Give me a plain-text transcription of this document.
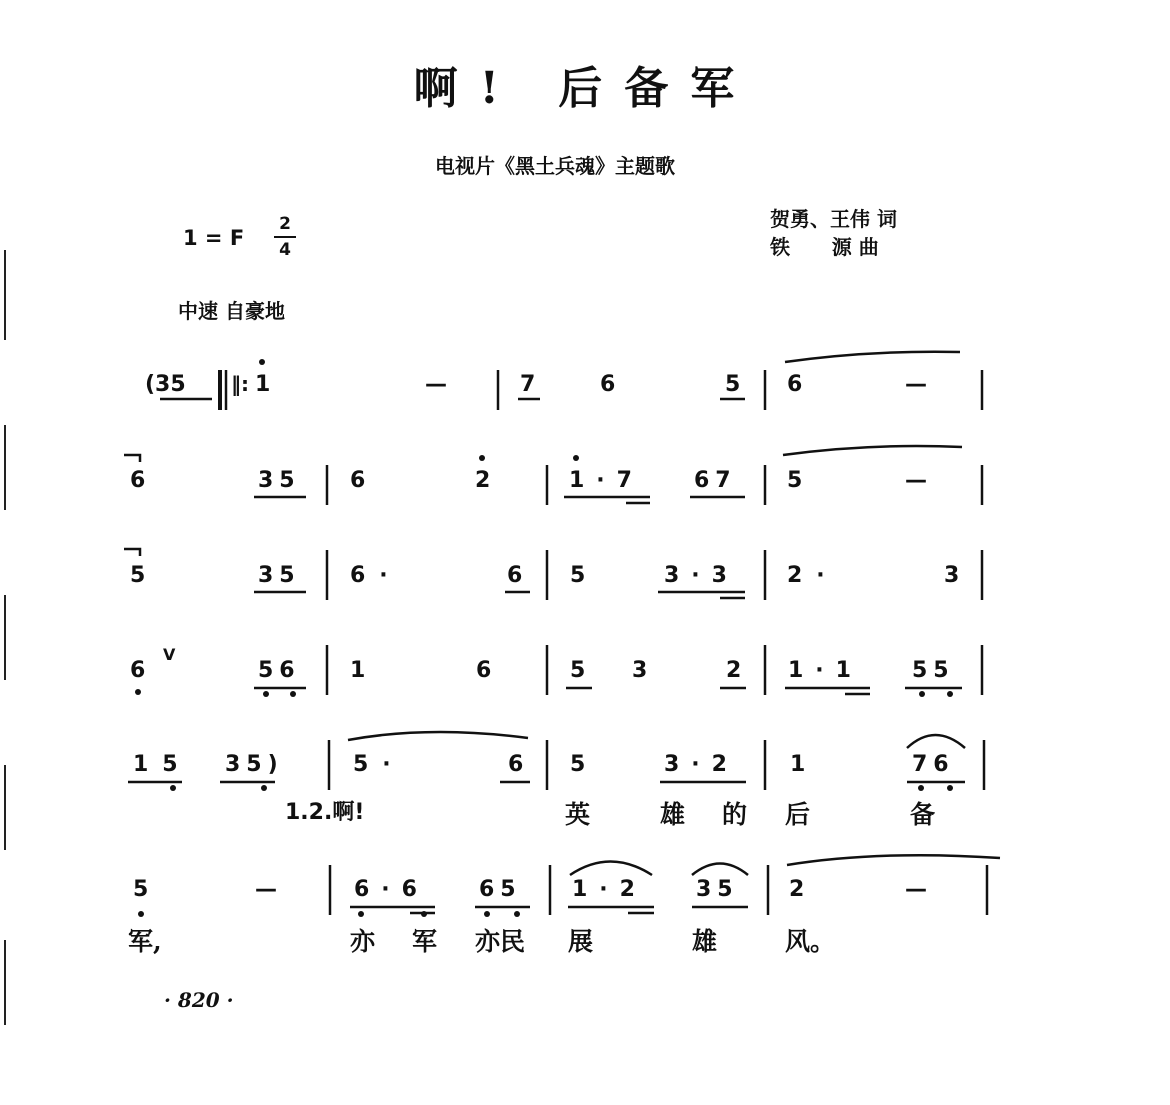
啊! 后备军
电视片《黑土兵魂》主题歌
贺勇、王伟 词
铁      源 曲
1 = F
2
4
中速 自豪地
(35 ‖: 1	—	7	6	5 6	—
6	35 6	2	1·7 67 5	—
5	35 6·	6 5	3·3 2·	3
6
V
56 1	6	5 3	2 1·1 55
15 35)	5·	6 5	3·2 1	76
1.2.啊!	英	雄 的 后	备
5	—	6·6 65 1·2 35 2	—
军,	亦 军 亦民 展	雄	风。
· 820 ·
